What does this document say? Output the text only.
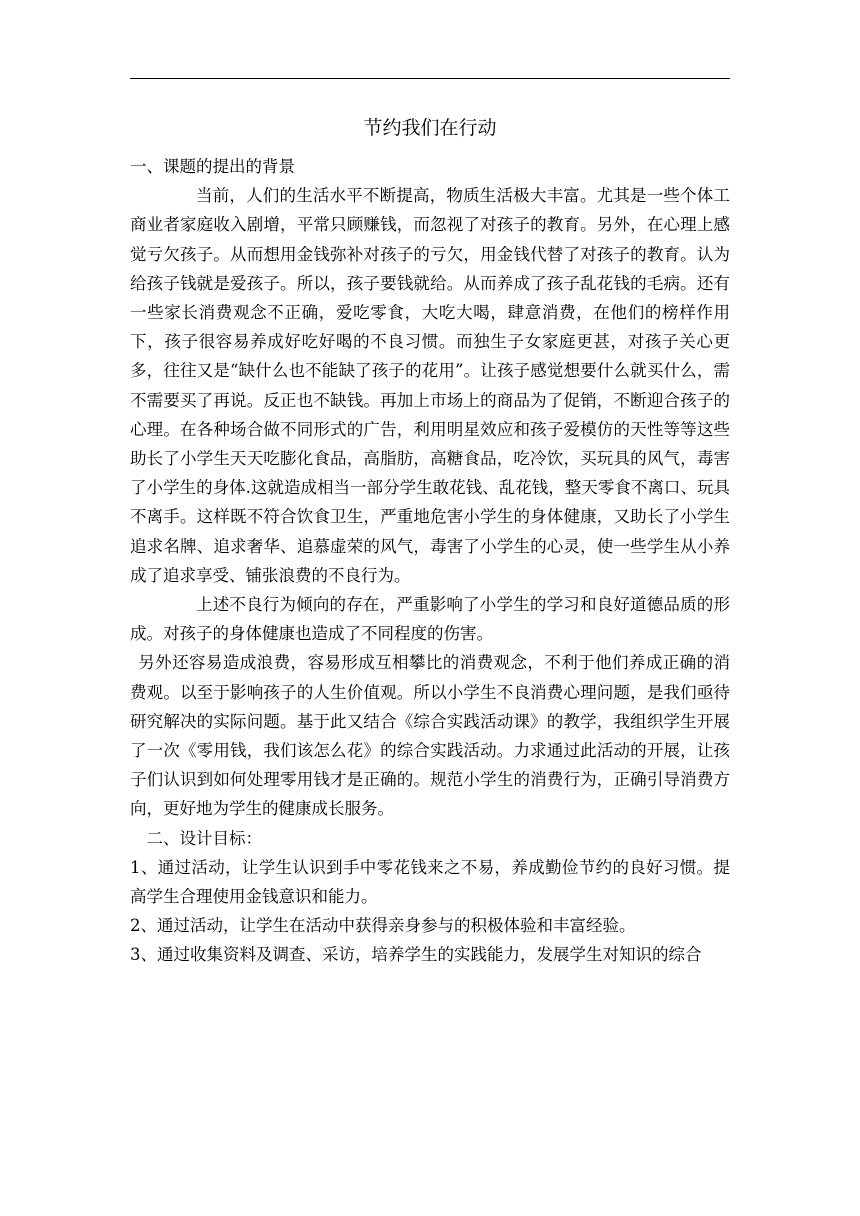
节约我们在行动

一、课题的提出的背景

当前，人们的生活水平不断提高，物质生活极大丰富。尤其是一些个体工商业者家庭收入剧增，平常只顾赚钱，而忽视了对孩子的教育。另外，在心理上感觉亏欠孩子。从而想用金钱弥补对孩子的亏欠，用金钱代替了对孩子的教育。认为给孩子钱就是爱孩子。所以，孩子要钱就给。从而养成了孩子乱花钱的毛病。还有一些家长消费观念不正确，爱吃零食，大吃大喝，肆意消费，在他们的榜样作用下，孩子很容易养成好吃好喝的不良习惯。而独生子女家庭更甚，对孩子关心更多，往往又是“缺什么也不能缺了孩子的花用”。让孩子感觉想要什么就买什么，需不需要买了再说。反正也不缺钱。再加上市场上的商品为了促销，不断迎合孩子的心理。在各种场合做不同形式的广告，利用明星效应和孩子爱模仿的天性等等这些助长了小学生天天吃膨化食品，高脂肪，高糖食品，吃冷饮，买玩具的风气，毒害了小学生的身体.这就造成相当一部分学生敢花钱、乱花钱，整天零食不离口、玩具不离手。这样既不符合饮食卫生，严重地危害小学生的身体健康，又助长了小学生追求名牌、追求奢华、追慕虚荣的风气，毒害了小学生的心灵，使一些学生从小养成了追求享受、铺张浪费的不良行为。

上述不良行为倾向的存在，严重影响了小学生的学习和良好道德品质的形成。对孩子的身体健康也造成了不同程度的伤害。

另外还容易造成浪费，容易形成互相攀比的消费观念，不利于他们养成正确的消费观。以至于影响孩子的人生价值观。所以小学生不良消费心理问题，是我们亟待研究解决的实际问题。基于此又结合《综合实践活动课》的教学，我组织学生开展了一次《零用钱，我们该怎么花》的综合实践活动。力求通过此活动的开展，让孩子们认识到如何处理零用钱才是正确的。规范小学生的消费行为，正确引导消费方向，更好地为学生的健康成长服务。

二、设计目标：

1、通过活动，让学生认识到手中零花钱来之不易，养成勤俭节约的良好习惯。提高学生合理使用金钱意识和能力。

2、通过活动，让学生在活动中获得亲身参与的积极体验和丰富经验。

3、通过收集资料及调查、采访，培养学生的实践能力，发展学生对知识的综合
